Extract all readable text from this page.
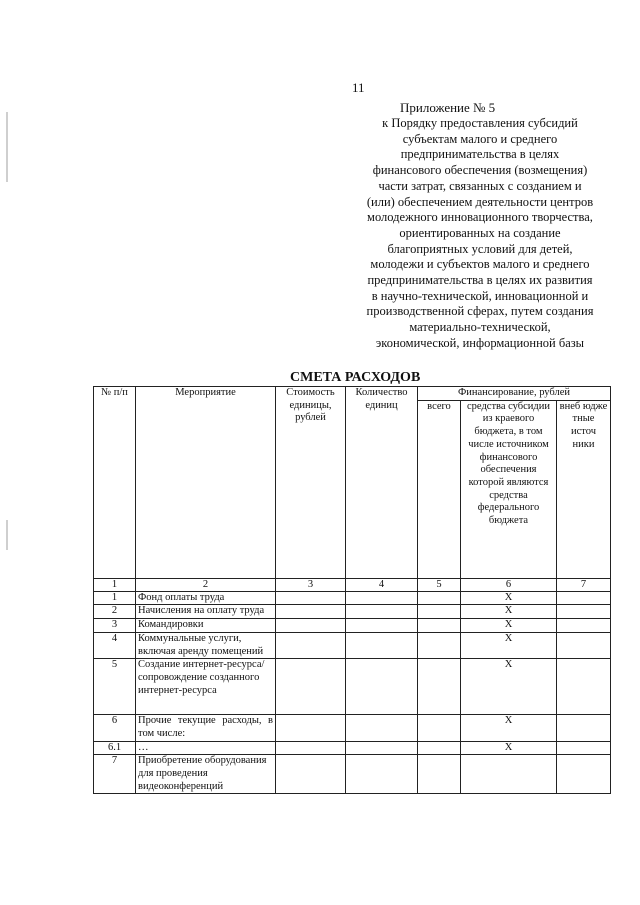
11
Приложение № 5
к Порядку предоставления субсидий
субъектам малого и среднего
предпринимательства в целях
финансового обеспечения (возмещения)
части затрат, связанных с созданием и
(или) обеспечением деятельности центров
молодежного инновационного творчества,
ориентированных на создание
благоприятных условий для детей,
молодежи и субъектов малого и среднего
предпринимательства в целях их развития
в научно-технической, инновационной и
производственной сферах, путем создания
материально-технической,
экономической, информационной базы
СМЕТА РАСХОДОВ
№ п/п	Мероприятие	Стоимость единицы, рублей	Количество единиц	Финансирование, рублей		
				всего	средства субсидии из краевого бюджета, в том числе источником финансового обеспечения которой являются средства федерального бюджета	внеб юдже тные источ ники
1	2	3	4	5	6	7
1	Фонд оплаты труда				X	
2	Начисления на оплату труда				X	
3	Командировки				X	
4	Коммунальные услуги, включая аренду помещений				X	
5	Создание интернет-ресурса/сопровождение созданного интернет-ресурса				X	
6	Прочие текущие расходы, в том числе:				X	
6.1	…				X	
7	Приобретение оборудования для проведения видеоконференций					
